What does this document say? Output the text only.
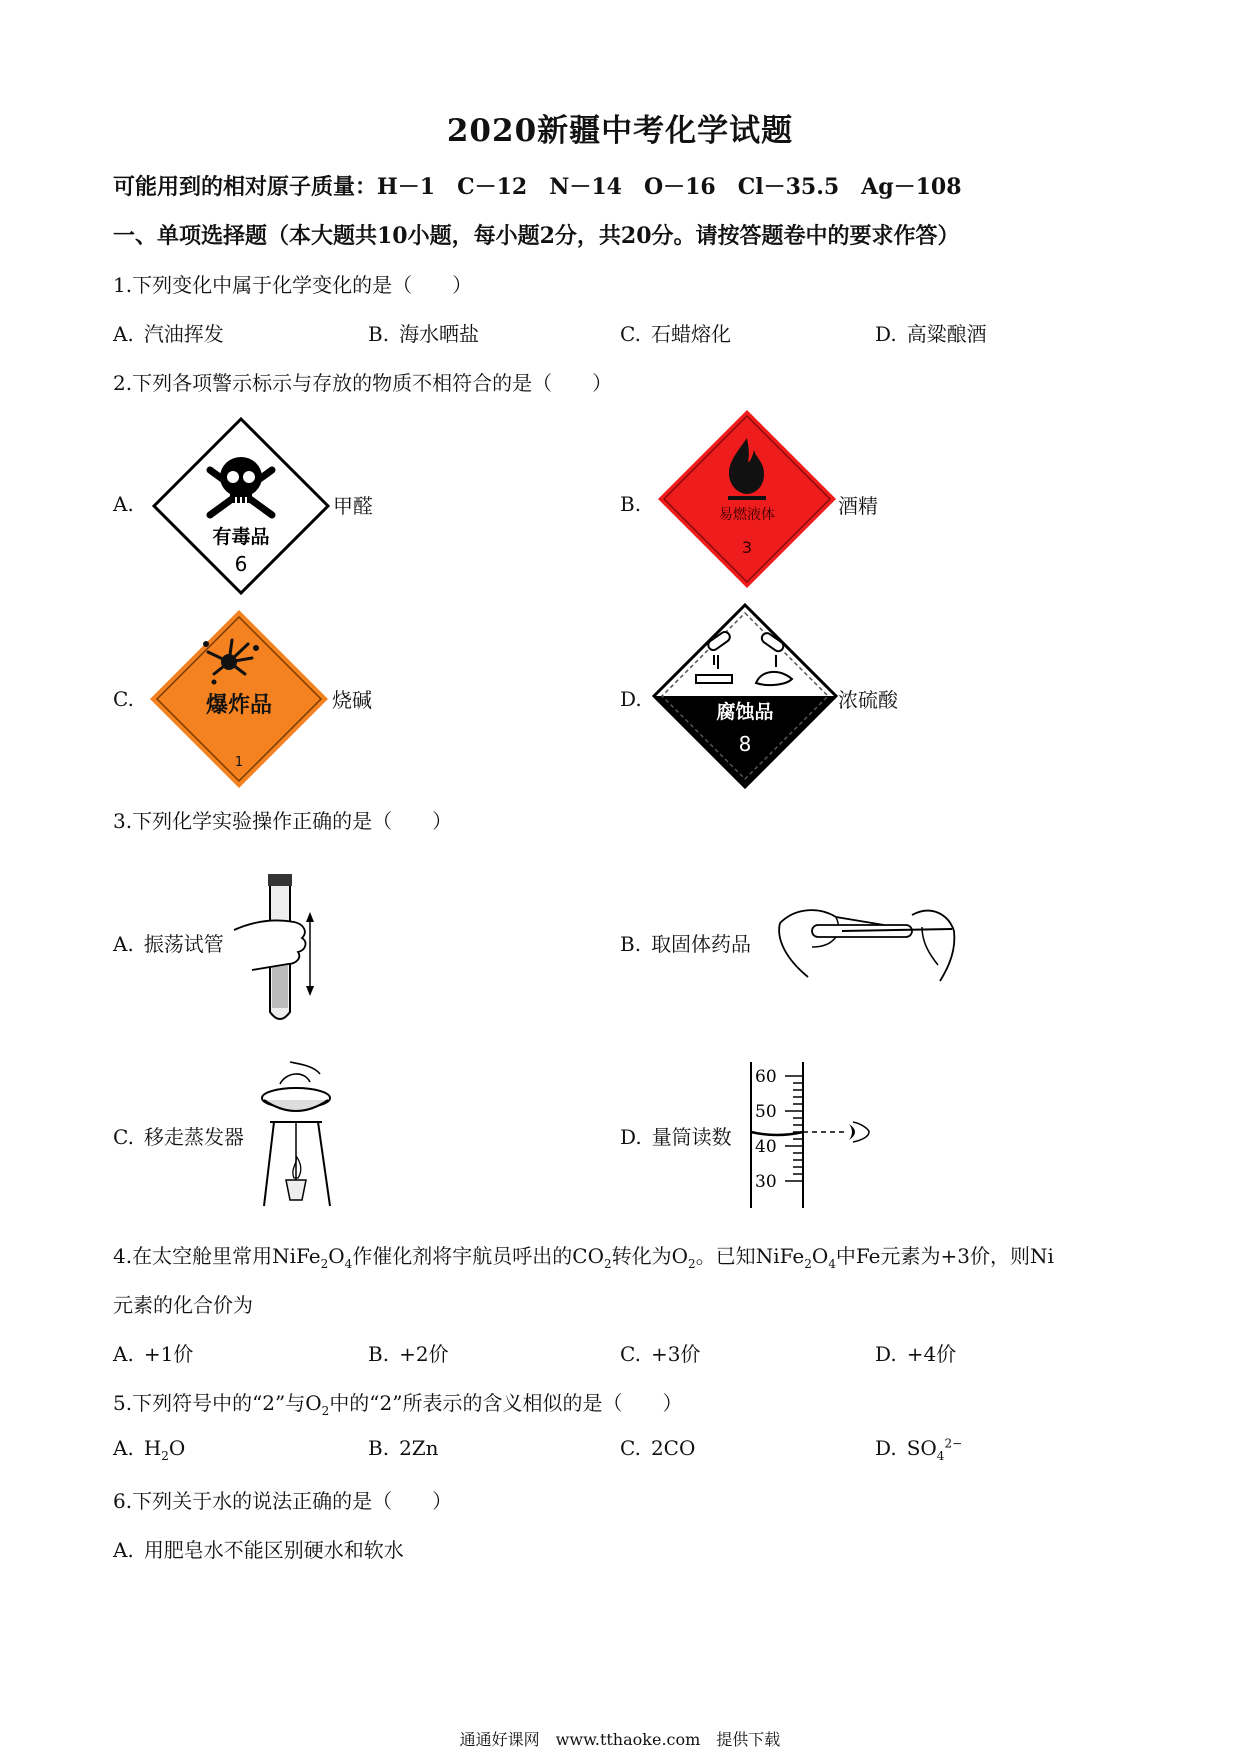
2020新疆中考化学试题
可能用到的相对原子质量：H－1　C－12　N－14　O－16　Cl－35.5　Ag－108
一、单项选择题（本大题共10小题，每小题2分，共20分。请按答题卷中的要求作答）
1.下列变化中属于化学变化的是（　　）
A. 汽油挥发	B. 海水晒盐	C. 石蜡熔化	D. 高粱酿酒
2.下列各项警示标示与存放的物质不相符合的是（　　）
A.
有毒品
6
甲醛	B.	易燃液体
3
酒精
C.	爆炸品
1
烧碱	D.
腐蚀品
8
浓硫酸
3.下列化学实验操作正确的是（　　）
A. 振荡试管	B. 取固体药品
C. 移走蒸发器	D. 量筒读数
60
50
40
30
4.在太空舱里常用$NiFe_2O_4$作催化剂将宇航员呼出的$CO_2$转化为$O_2$。已知$NiFe_2O_4$中Fe元素为+3价，则Ni
元素的化合价为
A. +1价	B. +2价	C. +3价	D. +4价
5.下列符号中的“2”与$O_2$中的“2”所表示的含义相似的是（　　）
A. $H_2O$	B. 2Zn	C. 2CO	D. $SO_4^{2-}$
6.下列关于水的说法正确的是（　　）
A. 用肥皂水不能区别硬水和软水
通通好课网　www.tthaoke.com　提供下载
